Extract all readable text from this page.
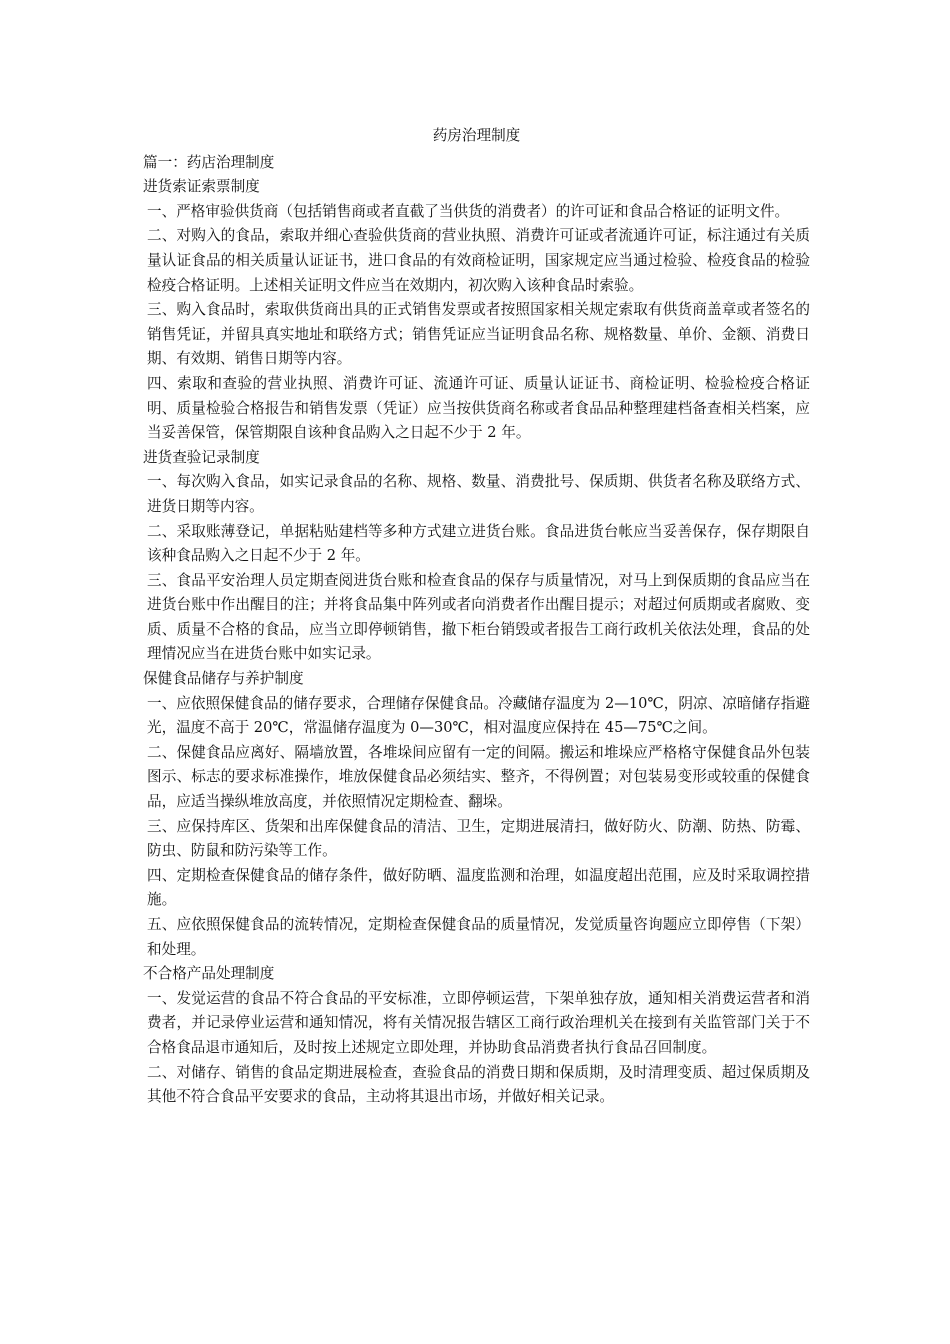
药房治理制度
篇一：药店治理制度
进货索证索票制度

一、严格审验供货商（包括销售商或者直截了当供货的消费者）的许可证和食品合格证的证明文件。

二、对购入的食品，索取并细心查验供货商的营业执照、消费许可证或者流通许可证，标注通过有关质量认证食品的相关质量认证证书，进口食品的有效商检证明，国家规定应当通过检验、检疫食品的检验检疫合格证明。上述相关证明文件应当在效期内，初次购入该种食品时索验。

三、购入食品时，索取供货商出具的正式销售发票或者按照国家相关规定索取有供货商盖章或者签名的销售凭证，并留具真实地址和联络方式；销售凭证应当证明食品名称、规格数量、单价、金额、消费日期、有效期、销售日期等内容。

四、索取和查验的营业执照、消费许可证、流通许可证、质量认证证书、商检证明、检验检疫合格证明、质量检验合格报告和销售发票（凭证）应当按供货商名称或者食品品种整理建档备查相关档案，应当妥善保管，保管期限自该种食品购入之日起不少于 2 年。

进货查验记录制度

一、每次购入食品，如实记录食品的名称、规格、数量、消费批号、保质期、供货者名称及联络方式、进货日期等内容。

二、采取账薄登记，单据粘贴建档等多种方式建立进货台账。食品进货台帐应当妥善保存，保存期限自该种食品购入之日起不少于 2 年。

三、食品平安治理人员定期查阅进货台账和检查食品的保存与质量情况，对马上到保质期的食品应当在进货台账中作出醒目的注；并将食品集中阵列或者向消费者作出醒目提示；对超过何质期或者腐败、变质、质量不合格的食品，应当立即停顿销售，撤下柜台销毁或者报告工商行政机关依法处理，食品的处理情况应当在进货台账中如实记录。

保健食品储存与养护制度

一、应依照保健食品的储存要求，合理储存保健食品。冷藏储存温度为 2—10℃，阴凉、凉暗储存指避光，温度不高于 20℃，常温储存温度为 0—30℃，相对温度应保持在 45—75℃之间。

二、保健食品应离好、隔墙放置，各堆垛间应留有一定的间隔。搬运和堆垛应严格格守保健食品外包装图示、标志的要求标准操作，堆放保健食品必须结实、整齐，不得例置；对包装易变形或较重的保健食品，应适当操纵堆放高度，并依照情况定期检查、翻垛。

三、应保持库区、货架和出库保健食品的清洁、卫生，定期进展清扫，做好防火、防潮、防热、防霉、防虫、防鼠和防污染等工作。

四、定期检查保健食品的储存条件，做好防晒、温度监测和治理，如温度超出范围，应及时采取调控措施。

五、应依照保健食品的流转情况，定期检查保健食品的质量情况，发觉质量咨询题应立即停售（下架）和处理。

不合格产品处理制度

一、发觉运营的食品不符合食品的平安标准，立即停顿运营，下架单独存放，通知相关消费运营者和消费者，并记录停业运营和通知情况，将有关情况报告辖区工商行政治理机关在接到有关监管部门关于不合格食品退市通知后，及时按上述规定立即处理，并协助食品消费者执行食品召回制度。

二、对储存、销售的食品定期进展检查，查验食品的消费日期和保质期，及时清理变质、超过保质期及其他不符合食品平安要求的食品，主动将其退出市场，并做好相关记录。
